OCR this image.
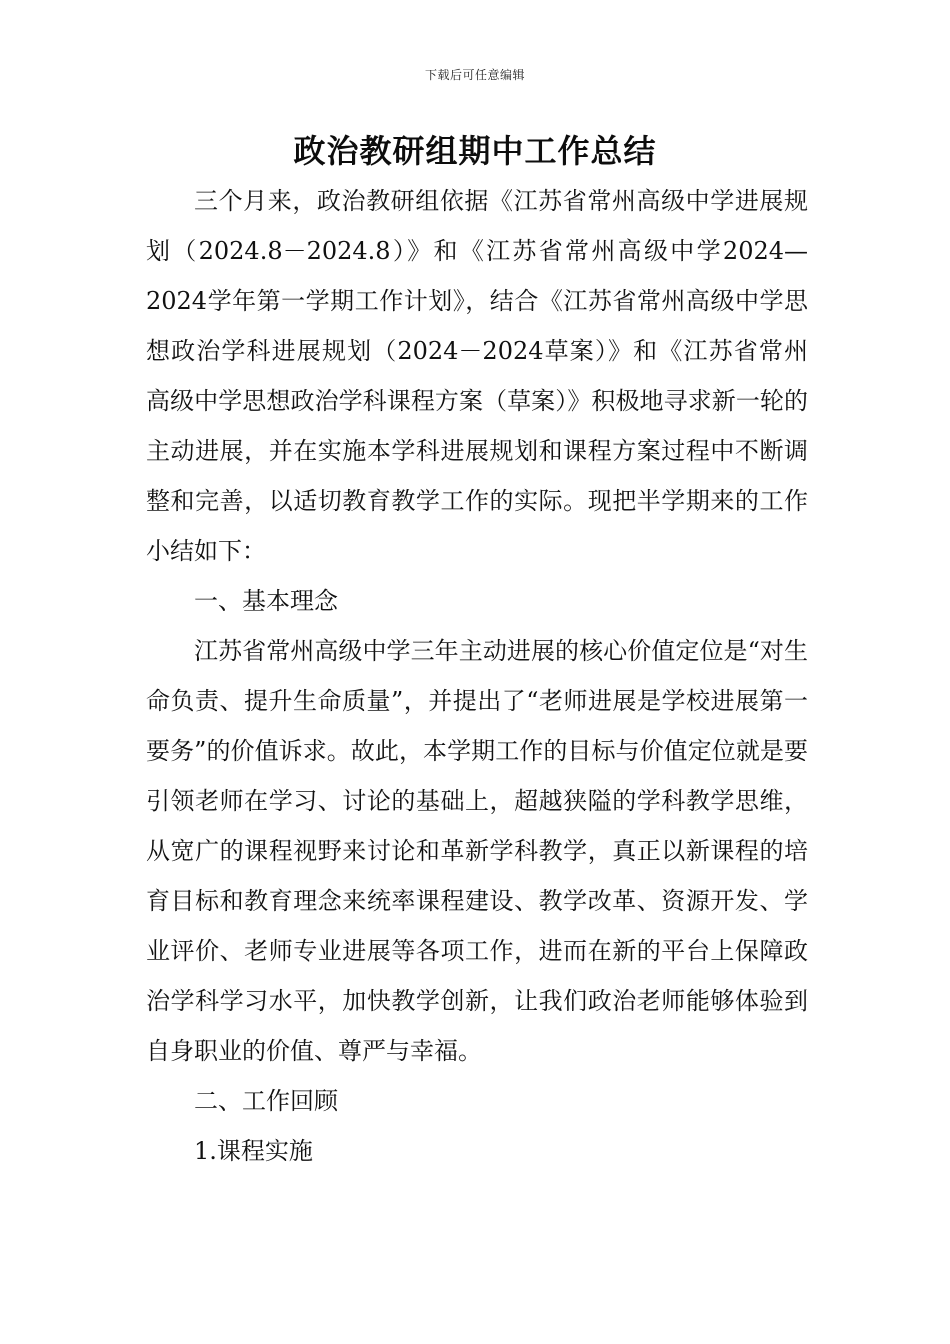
下载后可任意编辑
政治教研组期中工作总结

三个月来，政治教研组依据《江苏省常州高级中学进展规划（2024.8－2024.8）》和《江苏省常州高级中学2024—2024学年第一学期工作计划》，结合《江苏省常州高级中学思想政治学科进展规划（2024－2024草案）》和《江苏省常州高级中学思想政治学科课程方案（草案）》积极地寻求新一轮的主动进展，并在实施本学科进展规划和课程方案过程中不断调整和完善，以适切教育教学工作的实际。现把半学期来的工作小结如下：

一、基本理念

江苏省常州高级中学三年主动进展的核心价值定位是“对生命负责、提升生命质量”，并提出了“老师进展是学校进展第一要务”的价值诉求。故此，本学期工作的目标与价值定位就是要引领老师在学习、讨论的基础上，超越狭隘的学科教学思维，从宽广的课程视野来讨论和革新学科教学，真正以新课程的培育目标和教育理念来统率课程建设、教学改革、资源开发、学业评价、老师专业进展等各项工作，进而在新的平台上保障政治学科学习水平，加快教学创新，让我们政治老师能够体验到自身职业的价值、尊严与幸福。

二、工作回顾

1.课程实施
